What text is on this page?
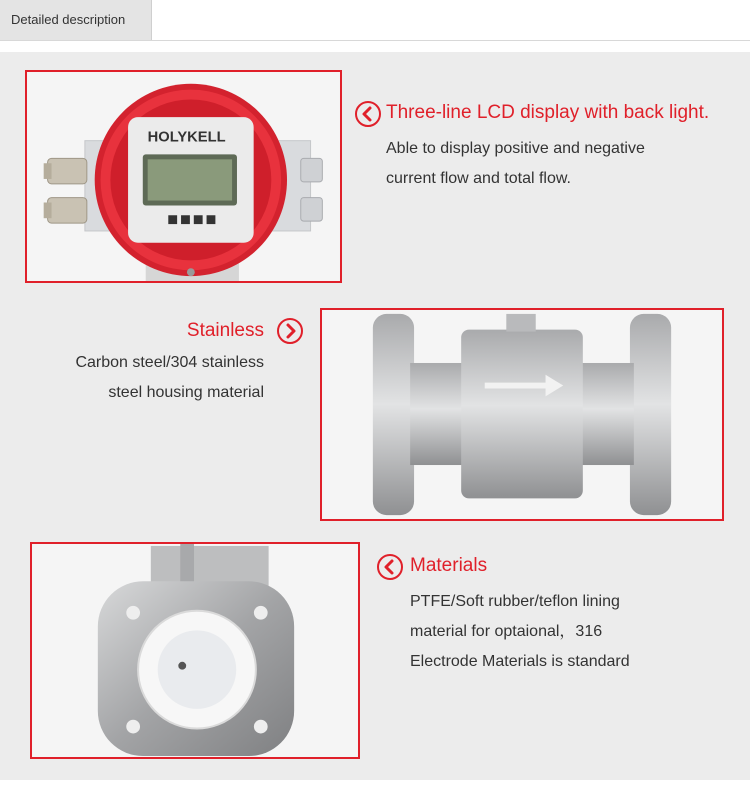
Detailed description
HOLYKELL
Three-line LCD display with back light.
Able to display positive and negative
current flow and total flow.
Stainless
Carbon steel/304 stainless
steel housing material
Materials
PTFE/Soft rubber/teflon lining
material for optaional，316
Electrode Materials is standard
